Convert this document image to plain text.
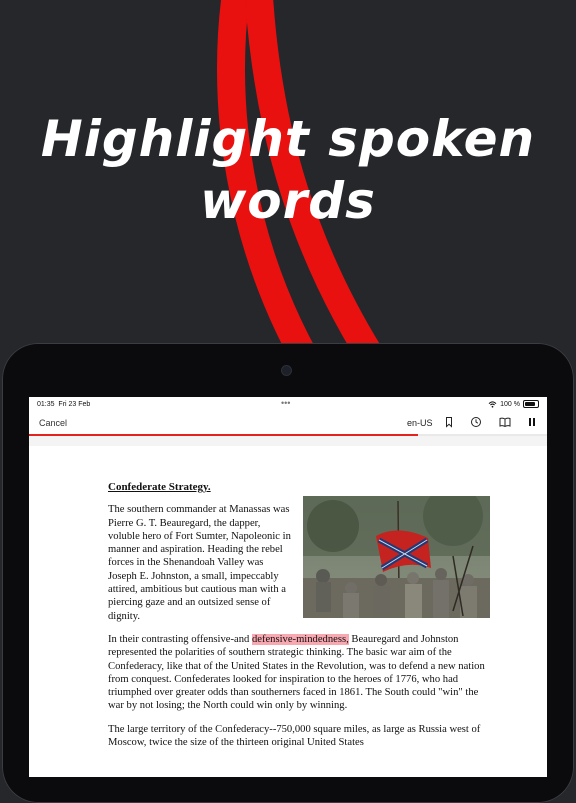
Highlight spoken words
01:35 Fri 23 Feb	•••	100 %
Cancel	en-US
Confederate Strategy.

The southern commander at Manassas was Pierre G. T. Beauregard, the dapper, voluble hero of Fort Sumter, Napoleonic in manner and aspiration. Heading the rebel forces in the Shenandoah Valley was Joseph E. Johnston, a small, impeccably attired, ambitious but cautious man with a piercing gaze and an outsized sense of dignity.

In their contrasting offensive-and defensive-mindedness, Beauregard and Johnston represented the polarities of southern strategic thinking. The basic war aim of the Confederacy, like that of the United States in the Revolution, was to defend a new nation from conquest. Confederates looked for inspiration to the heroes of 1776, who had triumphed over greater odds than southerners faced in 1861. The South could "win" the war by not losing; the North could win only by winning.

The large territory of the Confederacy--750,000 square miles, as large as Russia west of Moscow, twice the size of the thirteen original United States
